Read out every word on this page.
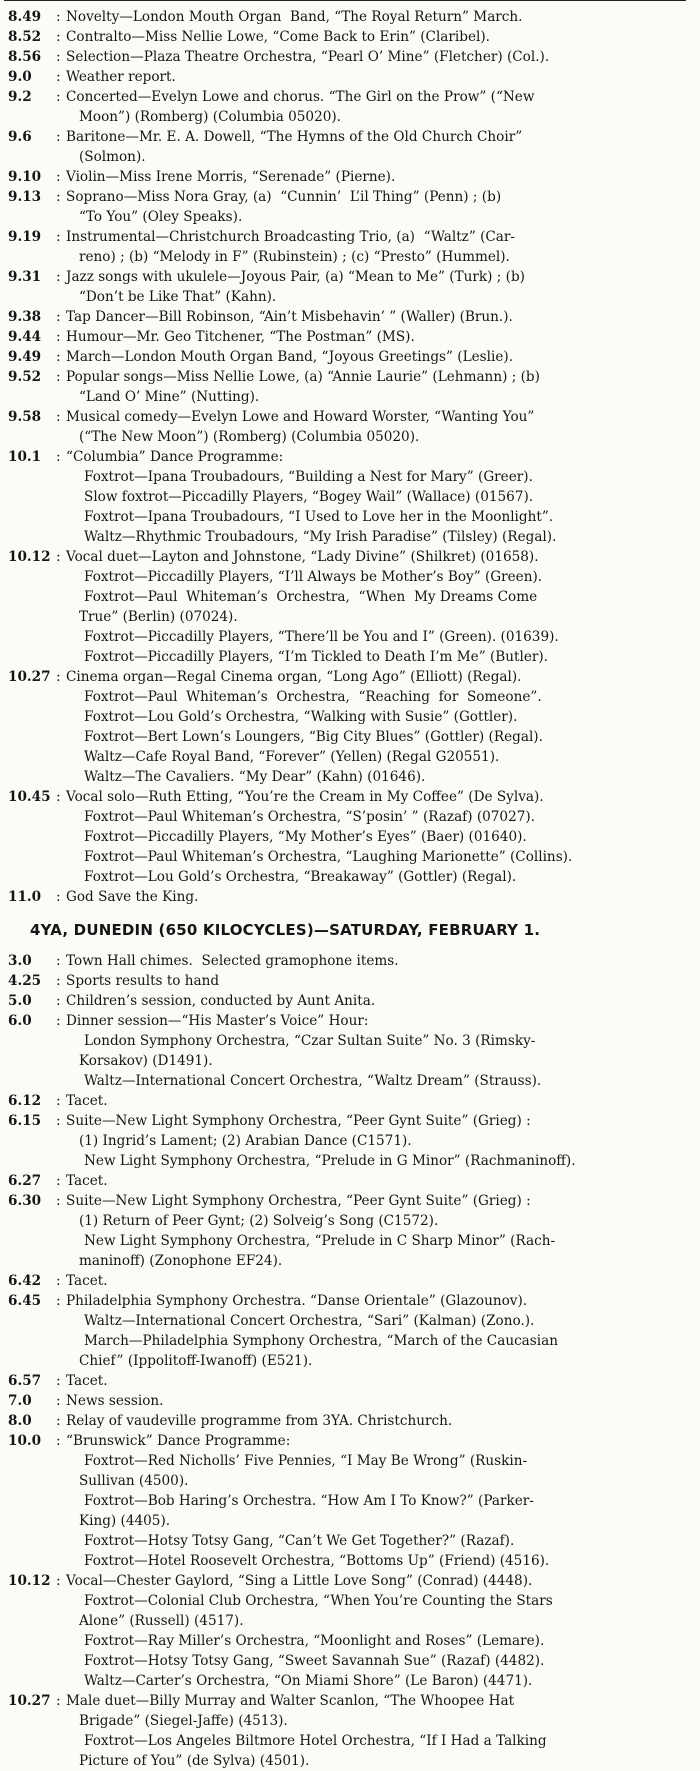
8.49	: Novelty—London Mouth Organ  Band, “The Royal Return” March.
8.52	: Contralto—Miss Nellie Lowe, “Come Back to Erin” (Claribel).
8.56	: Selection—Plaza Theatre Orchestra, “Pearl O’ Mine” (Fletcher) (Col.).
9.0	: Weather report.
9.2	: Concerted—Evelyn Lowe and chorus. “The Girl on the Prow” (“New
Moon”) (Romberg) (Columbia 05020).
9.6	: Baritone—Mr. E. A. Dowell, “The Hymns of the Old Church Choir”
(Solmon).
9.10	: Violin—Miss Irene Morris, “Serenade” (Pierne).
9.13	: Soprano—Miss Nora Gray, (a)  “Cunnin’  L’il Thing” (Penn) ; (b)
“To You” (Oley Speaks).
9.19	: Instrumental—Christchurch Broadcasting Trio, (a)  “Waltz” (Car-
reno) ; (b) “Melody in F” (Rubinstein) ; (c) “Presto” (Hummel).
9.31	: Jazz songs with ukulele—Joyous Pair, (a) “Mean to Me” (Turk) ; (b)
“Don’t be Like That” (Kahn).
9.38	: Tap Dancer—Bill Robinson, “Ain’t Misbehavin’ ” (Waller) (Brun.).
9.44	: Humour—Mr. Geo Titchener, “The Postman” (MS).
9.49	: March—London Mouth Organ Band, “Joyous Greetings” (Leslie).
9.52	: Popular songs—Miss Nellie Lowe, (a) “Annie Laurie” (Lehmann) ; (b)
“Land O’ Mine” (Nutting).
9.58	: Musical comedy—Evelyn Lowe and Howard Worster, “Wanting You”
(“The New Moon”) (Romberg) (Columbia 05020).
10.1	: “Columbia” Dance Programme:
Foxtrot—Ipana Troubadours, “Building a Nest for Mary” (Greer).
Slow foxtrot—Piccadilly Players, “Bogey Wail” (Wallace) (01567).
Foxtrot—Ipana Troubadours, “I Used to Love her in the Moonlight”.
Waltz—Rhythmic Troubadours, “My Irish Paradise” (Tilsley) (Regal).
10.12 : Vocal duet—Layton and Johnstone, “Lady Divine” (Shilkret) (01658).
Foxtrot—Piccadilly Players, “I’ll Always be Mother’s Boy” (Green).
Foxtrot—Paul  Whiteman’s  Orchestra,  “When  My Dreams Come
True” (Berlin) (07024).
Foxtrot—Piccadilly Players, “There’ll be You and I” (Green). (01639).
Foxtrot—Piccadilly Players, “I’m Tickled to Death I’m Me” (Butler).
10.27 : Cinema organ—Regal Cinema organ, “Long Ago” (Elliott) (Regal).
Foxtrot—Paul  Whiteman’s  Orchestra,  “Reaching  for  Someone”.
Foxtrot—Lou Gold’s Orchestra, “Walking with Susie” (Gottler).
Foxtrot—Bert Lown’s Loungers, “Big City Blues” (Gottler) (Regal).
Waltz—Cafe Royal Band, “Forever” (Yellen) (Regal G20551).
Waltz—The Cavaliers. “My Dear” (Kahn) (01646).
10.45 : Vocal solo—Ruth Etting, “You’re the Cream in My Coffee” (De Sylva).
Foxtrot—Paul Whiteman’s Orchestra, “S’posin’ ” (Razaf) (07027).
Foxtrot—Piccadilly Players, “My Mother’s Eyes” (Baer) (01640).
Foxtrot—Paul Whiteman’s Orchestra, “Laughing Marionette” (Collins).
Foxtrot—Lou Gold’s Orchestra, “Breakaway” (Gottler) (Regal).
11.0	: God Save the King.
4YA, DUNEDIN (650 KILOCYCLES)—SATURDAY, FEBRUARY 1.
3.0	: Town Hall chimes.  Selected gramophone items.
4.25	: Sports results to hand
5.0	: Children’s session, conducted by Aunt Anita.
6.0	: Dinner session—“His Master’s Voice” Hour:
London Symphony Orchestra, “Czar Sultan Suite” No. 3 (Rimsky-
Korsakov) (D1491).
Waltz—International Concert Orchestra, “Waltz Dream” (Strauss).
6.12	: Tacet.
6.15	: Suite—New Light Symphony Orchestra, “Peer Gynt Suite” (Grieg) :
(1) Ingrid’s Lament; (2) Arabian Dance (C1571).
New Light Symphony Orchestra, “Prelude in G Minor” (Rachmaninoff).
6.27	: Tacet.
6.30	: Suite—New Light Symphony Orchestra, “Peer Gynt Suite” (Grieg) :
(1) Return of Peer Gynt; (2) Solveig’s Song (C1572).
New Light Symphony Orchestra, “Prelude in C Sharp Minor” (Rach-
maninoff) (Zonophone EF24).
6.42	: Tacet.
6.45	: Philadelphia Symphony Orchestra. “Danse Orientale” (Glazounov).
Waltz—International Concert Orchestra, “Sari” (Kalman) (Zono.).
March—Philadelphia Symphony Orchestra, “March of the Caucasian
Chief” (Ippolitoff-Iwanoff) (E521).
6.57	: Tacet.
7.0	: News session.
8.0	: Relay of vaudeville programme from 3YA. Christchurch.
10.0	: “Brunswick” Dance Programme:
Foxtrot—Red Nicholls’ Five Pennies, “I May Be Wrong” (Ruskin-
Sullivan (4500).
Foxtrot—Bob Haring’s Orchestra. “How Am I To Know?” (Parker-
King) (4405).
Foxtrot—Hotsy Totsy Gang, “Can’t We Get Together?” (Razaf).
Foxtrot—Hotel Roosevelt Orchestra, “Bottoms Up” (Friend) (4516).
10.12 : Vocal—Chester Gaylord, “Sing a Little Love Song” (Conrad) (4448).
Foxtrot—Colonial Club Orchestra, “When You’re Counting the Stars
Alone” (Russell) (4517).
Foxtrot—Ray Miller’s Orchestra, “Moonlight and Roses” (Lemare).
Foxtrot—Hotsy Totsy Gang, “Sweet Savannah Sue” (Razaf) (4482).
Waltz—Carter’s Orchestra, “On Miami Shore” (Le Baron) (4471).
10.27 : Male duet—Billy Murray and Walter Scanlon, “The Whoopee Hat
Brigade” (Siegel-Jaffe) (4513).
Foxtrot—Los Angeles Biltmore Hotel Orchestra, “If I Had a Talking
Picture of You” (de Sylva) (4501).
